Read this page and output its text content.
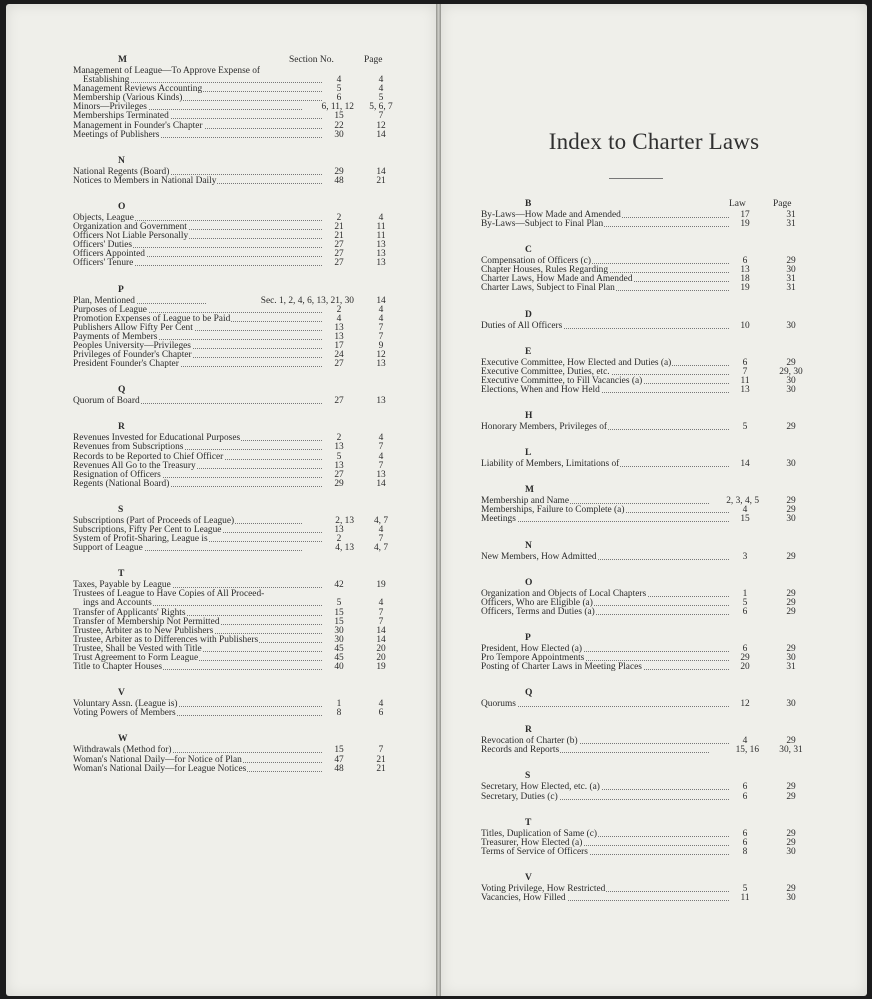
M	Section No.	Page
Management of League—To Approve Expense of
Establishing	4	4
Management Reviews Accounting	5	4
Membership (Various Kinds)	6	5
Minors—Privileges	6, 11, 12	5, 6, 7
Memberships Terminated	15	7
Management in Founder's Chapter	22	12
Meetings of Publishers	30	14
N
National Regents (Board)	29	14
Notices to Members in National Daily	48	21
O
Objects, League	2	4
Organization and Government	21	11
Officers Not Liable Personally	21	11
Officers' Duties	27	13
Officers Appointed	27	13
Officers' Tenure	27	13
P
Plan, Mentioned	Sec. 1, 2, 4, 6, 13, 21, 30	14
Purposes of League	2	4
Promotion Expenses of League to be Paid	4	4
Publishers Allow Fifty Per Cent	13	7
Payments of Members	13	7
Peoples University—Privileges	17	9
Privileges of Founder's Chapter	24	12
President Founder's Chapter	27	13
Q
Quorum of Board	27	13
R
Revenues Invested for Educational Purposes	2	4
Revenues from Subscriptions	13	7
Records to be Reported to Chief Officer	5	4
Revenues All Go to the Treasury	13	7
Resignation of Officers	27	13
Regents (National Board)	29	14
S
Subscriptions (Part of Proceeds of League)	2, 13	4, 7
Subscriptions, Fifty Per Cent to League	13	4
System of Profit-Sharing, League is	2	7
Support of League	4, 13	4, 7
T
Taxes, Payable by League	42	19
Trustees of League to Have Copies of All Proceed-
ings and Accounts	5	4
Transfer of Applicants' Rights	15	7
Transfer of Membership Not Permitted	15	7
Trustee, Arbiter as to New Publishers	30	14
Trustee, Arbiter as to Differences with Publishers	30	14
Trustee, Shall be Vested with Title	45	20
Trust Agreement to Form League	45	20
Title to Chapter Houses	40	19
V
Voluntary Assn. (League is)	1	4
Voting Powers of Members	8	6
W
Withdrawals (Method for)	15	7
Woman's National Daily—for Notice of Plan	47	21
Woman's National Daily—for League Notices	48	21
Index to Charter Laws
B	Law	Page
By-Laws—How Made and Amended	17	31
By-Laws—Subject to Final Plan	19	31
C
Compensation of Officers (c)	6	29
Chapter Houses, Rules Regarding	13	30
Charter Laws, How Made and Amended	18	31
Charter Laws, Subject to Final Plan	19	31
D
Duties of All Officers	10	30
E
Executive Committee, How Elected and Duties (a)	6	29
Executive Committee, Duties, etc.	7	29, 30
Executive Committee, to Fill Vacancies (a)	11	30
Elections, When and How Held	13	30
H
Honorary Members, Privileges of	5	29
L
Liability of Members, Limitations of	14	30
M
Membership and Name	2, 3, 4, 5	29
Memberships, Failure to Complete (a)	4	29
Meetings	15	30
N
New Members, How Admitted	3	29
O
Organization and Objects of Local Chapters	1	29
Officers, Who are Eligible (a)	5	29
Officers, Terms and Duties (a)	6	29
P
President, How Elected (a)	6	29
Pro Tempore Appointments	29	30
Posting of Charter Laws in Meeting Places	20	31
Q
Quorums	12	30
R
Revocation of Charter (b)	4	29
Records and Reports	15, 16	30, 31
S
Secretary, How Elected, etc. (a)	6	29
Secretary, Duties (c)	6	29
T
Titles, Duplication of Same (c)	6	29
Treasurer, How Elected (a)	6	29
Terms of Service of Officers	8	30
V
Voting Privilege, How Restricted	5	29
Vacancies, How Filled	11	30
